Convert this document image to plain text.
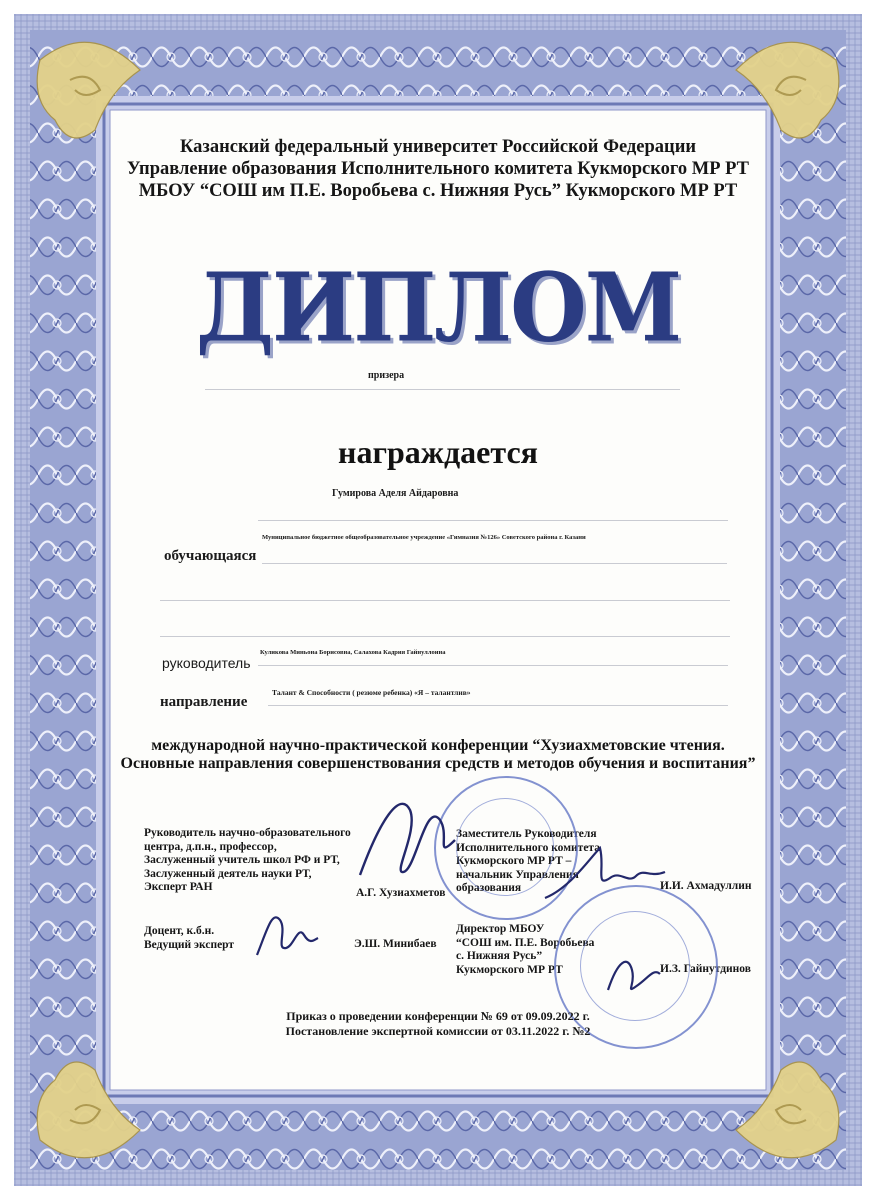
Казанский федеральный университет Российской Федерации
Управление образования Исполнительного комитета Кукморского МР РТ
МБОУ “СОШ им П.Е. Воробьева с. Нижняя Русь” Кукморского МР РТ
ДИПЛОМ
призера
награждается
Гумирова Аделя Айдаровна
Муниципальное бюджетное общеобразовательное учреждение «Гимназия №126» Советского района г. Казани
обучающаяся
Куликова Миньона Борисовна, Салахова Кадрия Гайнуллоина
руководитель
Талант & Способности ( резюме ребенка) «Я – талантлив»
направление
международной научно-практической конференции “Хузиахметовские чтения.
Основные направления совершенствования средств и методов обучения и воспитания”
Руководитель научно-образовательного
центра, д.п.н., профессор,
Заслуженный учитель школ РФ и РТ,
Заслуженный деятель науки РТ,
Эксперт РАН	А.Г. Хузиахметов
Доцент, к.б.н.
Ведущий эксперт	Э.Ш. Минибаев
Заместитель Руководителя
Исполнительного комитета
Кукморского МР РТ –
начальник Управления
образования	И.И. Ахмадуллин
Директор МБОУ
“СОШ им. П.Е. Воробьева
с. Нижняя Русь”
Кукморского МР РТ	И.З. Гайнутдинов
Приказ о проведении конференции № 69 от 09.09.2022 г.
Постановление экспертной комиссии от 03.11.2022 г. №2
